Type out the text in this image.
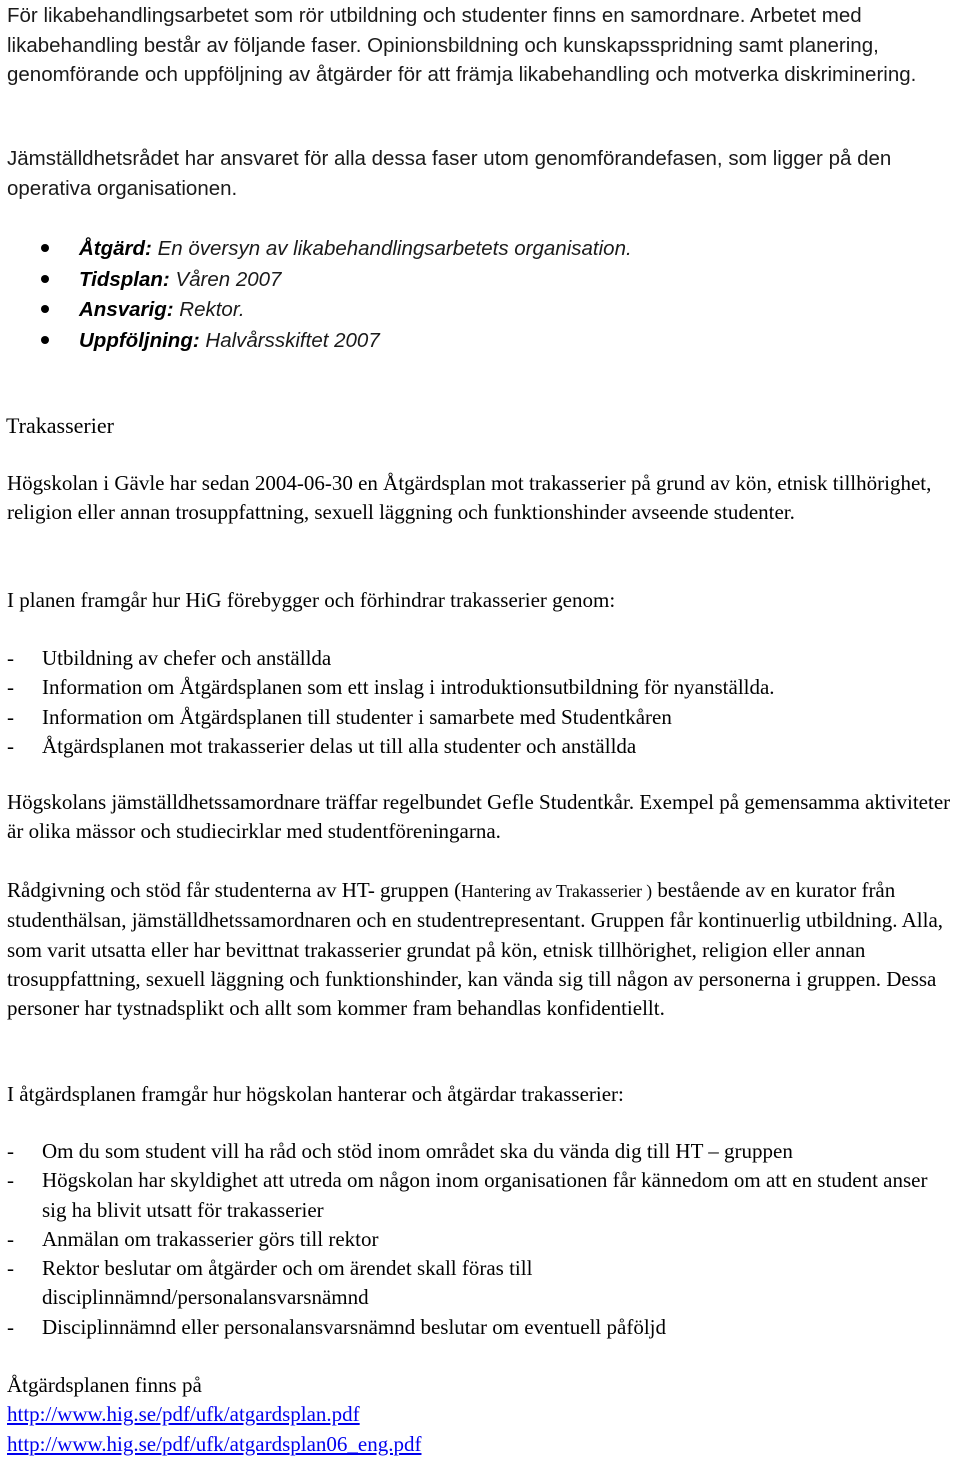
För likabehandlingsarbetet som rör utbildning och studenter finns en samordnare. Arbetet med likabehandling består av följande faser. Opinionsbildning och kunskapsspridning samt planering, genomförande och uppföljning av åtgärder för att främja likabehandling och motverka diskriminering.

Jämställdhetsrådet har ansvaret för alla dessa faser utom genomförandefasen, som ligger på den operativa organisationen.

Åtgärd: En översyn av likabehandlingsarbetets organisation.
Tidsplan: Våren 2007
Ansvarig: Rektor.
Uppföljning: Halvårsskiftet 2007

Trakasserier

Högskolan i Gävle har sedan 2004-06-30 en Åtgärdsplan mot trakasserier på grund av kön, etnisk tillhörighet, religion eller annan trosuppfattning, sexuell läggning och funktionshinder avseende studenter.

I planen framgår hur HiG förebygger och förhindrar trakasserier genom:

- Utbildning av chefer och anställda
- Information om Åtgärdsplanen som ett inslag i introduktionsutbildning för nyanställda.
- Information om Åtgärdsplanen till studenter i samarbete med Studentkåren
- Åtgärdsplanen mot trakasserier delas ut till alla studenter och anställda

Högskolans jämställdhetssamordnare träffar regelbundet Gefle Studentkår. Exempel på gemensamma aktiviteter är olika mässor och studiecirklar med studentföreningarna.

Rådgivning och stöd får studenterna av HT- gruppen (Hantering av Trakasserier ) bestående av en kurator från studenthälsan, jämställdhetssamordnaren och en studentrepresentant. Gruppen får kontinuerlig utbildning. Alla, som varit utsatta eller har bevittnat trakasserier grundat på kön, etnisk tillhörighet, religion eller annan trosuppfattning, sexuell läggning och funktionshinder, kan vända sig till någon av personerna i gruppen. Dessa personer har tystnadsplikt och allt som kommer fram behandlas konfidentiellt.

I åtgärdsplanen framgår hur högskolan hanterar och åtgärdar trakasserier:

- Om du som student vill ha råd och stöd inom området ska du vända dig till HT – gruppen
- Högskolan har skyldighet att utreda om någon inom organisationen får kännedom om att en student anser sig ha blivit utsatt för trakasserier
- Anmälan om trakasserier görs till rektor
- Rektor beslutar om åtgärder och om ärendet skall föras till disciplinnämnd/personalansvarsnämnd
- Disciplinnämnd eller personalansvarsnämnd beslutar om eventuell påföljd
Åtgärdsplanen finns på
http://www.hig.se/pdf/ufk/atgardsplan.pdf
http://www.hig.se/pdf/ufk/atgardsplan06_eng.pdf
